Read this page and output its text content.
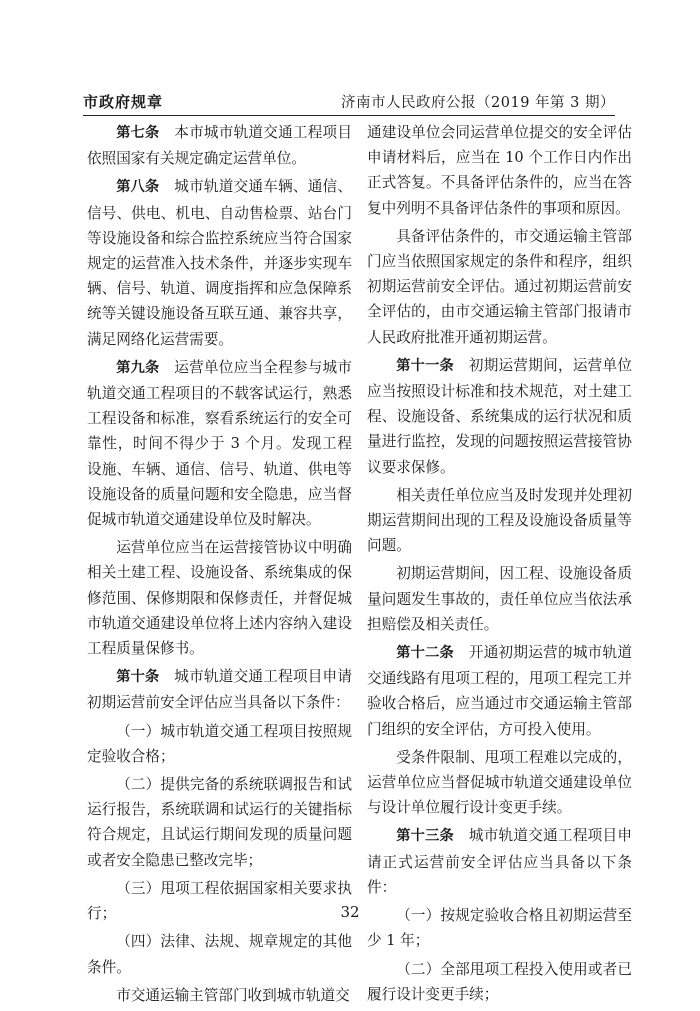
市政府规章	济南市人民政府公报（2019 年第 3 期）

第七条　本市城市轨道交通工程项目依照国家有关规定确定运营单位。

第八条　城市轨道交通车辆、通信、信号、供电、机电、自动售检票、站台门等设施设备和综合监控系统应当符合国家规定的运营准入技术条件，并逐步实现车辆、信号、轨道、调度指挥和应急保障系统等关键设施设备互联互通、兼容共享，满足网络化运营需要。

第九条　运营单位应当全程参与城市轨道交通工程项目的不载客试运行，熟悉工程设备和标准，察看系统运行的安全可靠性，时间不得少于 3 个月。发现工程设施、车辆、通信、信号、轨道、供电等设施设备的质量问题和安全隐患，应当督促城市轨道交通建设单位及时解决。

运营单位应当在运营接管协议中明确相关土建工程、设施设备、系统集成的保修范围、保修期限和保修责任，并督促城市轨道交通建设单位将上述内容纳入建设工程质量保修书。

第十条　城市轨道交通工程项目申请初期运营前安全评估应当具备以下条件：

（一）城市轨道交通工程项目按照规定验收合格；

（二）提供完备的系统联调报告和试运行报告，系统联调和试运行的关键指标符合规定，且试运行期间发现的质量问题或者安全隐患已整改完毕；

（三）甩项工程依据国家相关要求执行；

（四）法律、法规、规章规定的其他条件。

市交通运输主管部门收到城市轨道交

通建设单位会同运营单位提交的安全评估申请材料后，应当在 10 个工作日内作出正式答复。不具备评估条件的，应当在答复中列明不具备评估条件的事项和原因。

具备评估条件的，市交通运输主管部门应当依照国家规定的条件和程序，组织初期运营前安全评估。通过初期运营前安全评估的，由市交通运输主管部门报请市人民政府批准开通初期运营。

第十一条　初期运营期间，运营单位应当按照设计标准和技术规范，对土建工程、设施设备、系统集成的运行状况和质量进行监控，发现的问题按照运营接管协议要求保修。

相关责任单位应当及时发现并处理初期运营期间出现的工程及设施设备质量等问题。

初期运营期间，因工程、设施设备质量问题发生事故的，责任单位应当依法承担赔偿及相关责任。

第十二条　开通初期运营的城市轨道交通线路有甩项工程的，甩项工程完工并验收合格后，应当通过市交通运输主管部门组织的安全评估，方可投入使用。

受条件限制、甩项工程难以完成的，运营单位应当督促城市轨道交通建设单位与设计单位履行设计变更手续。

第十三条　城市轨道交通工程项目申请正式运营前安全评估应当具备以下条件：

（一）按规定验收合格且初期运营至少 1 年；

（二）全部甩项工程投入使用或者已履行设计变更手续；

32
